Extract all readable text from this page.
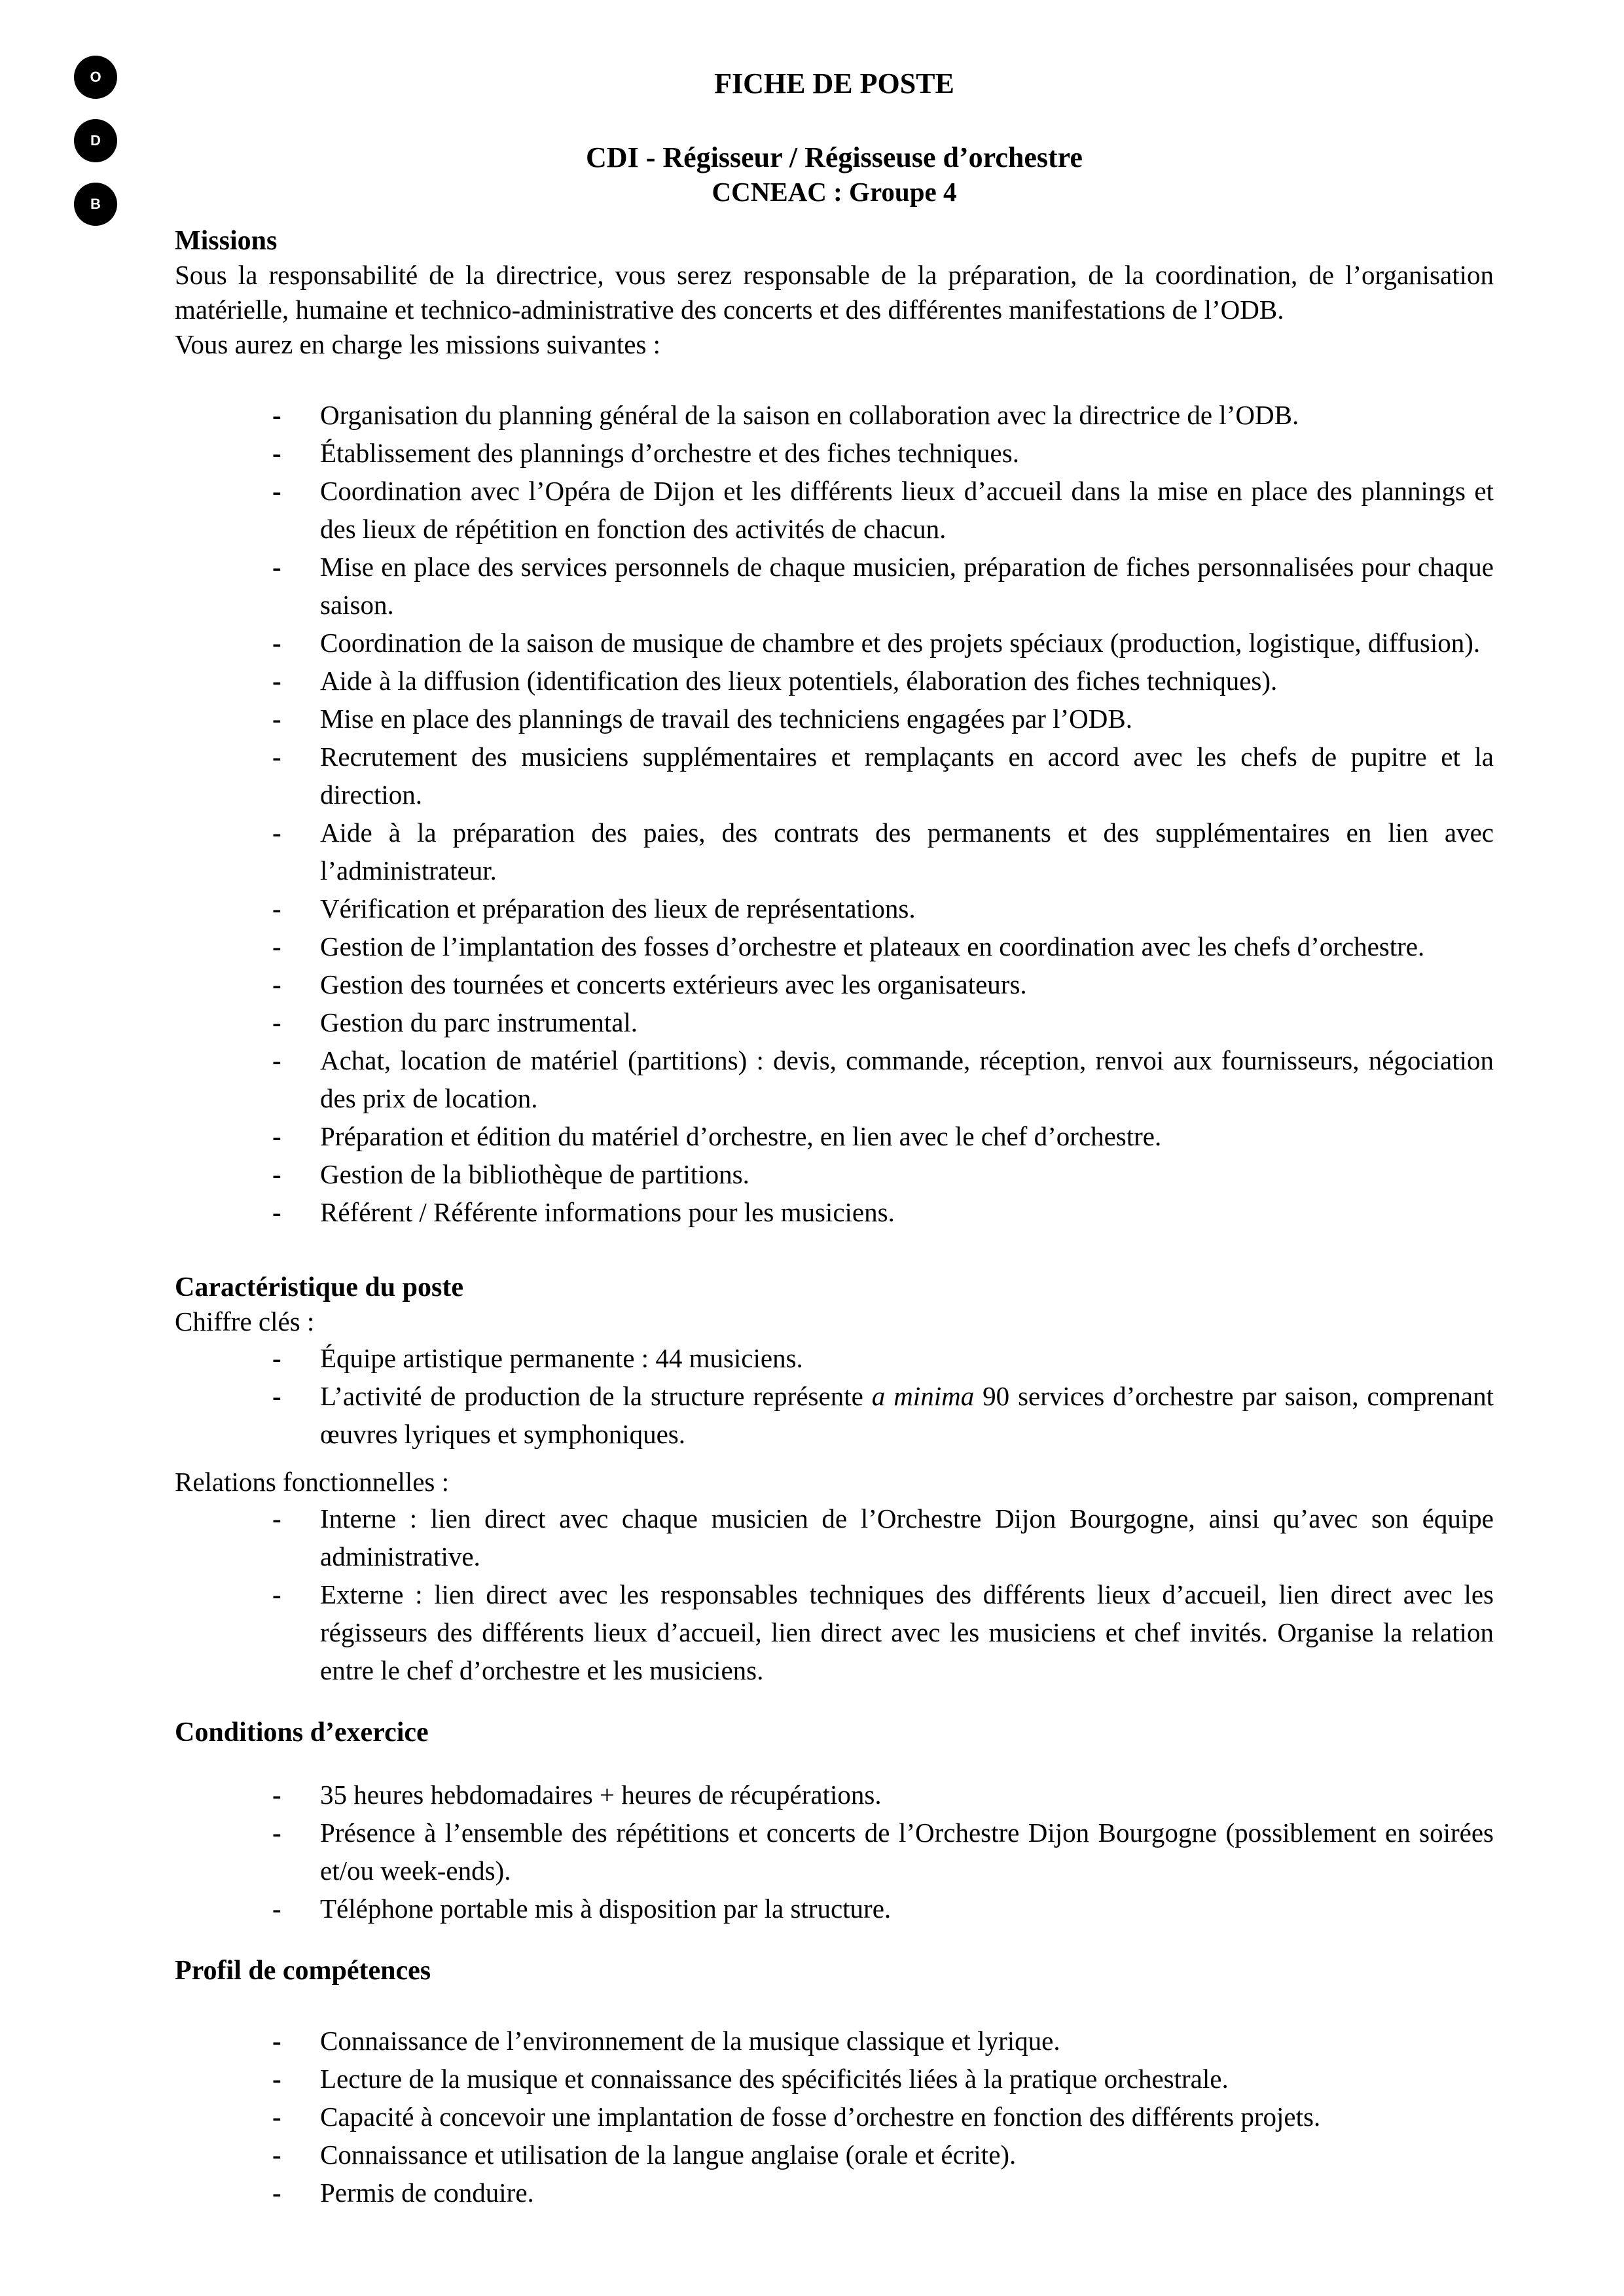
O
D
B
FICHE DE POSTE
CDI - Régisseur / Régisseuse d’orchestre
CCNEAC : Groupe 4
Missions

Sous la responsabilité de la directrice, vous serez responsable de la préparation, de la coordination, de l’organisation matérielle, humaine et technico-administrative des concerts et des différentes manifestations de l’ODB.

Vous aurez en charge les missions suivantes :

- Organisation du planning général de la saison en collaboration avec la directrice de l’ODB.
- Établissement des plannings d’orchestre et des fiches techniques.
- Coordination avec l’Opéra de Dijon et les différents lieux d’accueil dans la mise en place des plannings et des lieux de répétition en fonction des activités de chacun.
- Mise en place des services personnels de chaque musicien, préparation de fiches personnalisées pour chaque saison.
- Coordination de la saison de musique de chambre et des projets spéciaux (production, logistique, diffusion).
- Aide à la diffusion (identification des lieux potentiels, élaboration des fiches techniques).
- Mise en place des plannings de travail des techniciens engagées par l’ODB.
- Recrutement des musiciens supplémentaires et remplaçants en accord avec les chefs de pupitre et la direction.
- Aide à la préparation des paies, des contrats des permanents et des supplémentaires en lien avec l’administrateur.
- Vérification et préparation des lieux de représentations.
- Gestion de l’implantation des fosses d’orchestre et plateaux en coordination avec les chefs d’orchestre.
- Gestion des tournées et concerts extérieurs avec les organisateurs.
- Gestion du parc instrumental.
- Achat, location de matériel (partitions) : devis, commande, réception, renvoi aux fournisseurs, négociation des prix de location.
- Préparation et édition du matériel d’orchestre, en lien avec le chef d’orchestre.
- Gestion de la bibliothèque de partitions.
- Référent / Référente informations pour les musiciens.
Caractéristique du poste

Chiffre clés :

- Équipe artistique permanente : 44 musiciens.
- L’activité de production de la structure représente a minima 90 services d’orchestre par saison, comprenant œuvres lyriques et symphoniques.

Relations fonctionnelles :

- Interne : lien direct avec chaque musicien de l’Orchestre Dijon Bourgogne, ainsi qu’avec son équipe administrative.
- Externe : lien direct avec les responsables techniques des différents lieux d’accueil, lien direct avec les régisseurs des différents lieux d’accueil, lien direct avec les musiciens et chef invités. Organise la relation entre le chef d’orchestre et les musiciens.
Conditions d’exercice
- 35 heures hebdomadaires + heures de récupérations.
- Présence à l’ensemble des répétitions et concerts de l’Orchestre Dijon Bourgogne (possiblement en soirées et/ou week-ends).
- Téléphone portable mis à disposition par la structure.
Profil de compétences
- Connaissance de l’environnement de la musique classique et lyrique.
- Lecture de la musique et connaissance des spécificités liées à la pratique orchestrale.
- Capacité à concevoir une implantation de fosse d’orchestre en fonction des différents projets.
- Connaissance et utilisation de la langue anglaise (orale et écrite).
- Permis de conduire.
